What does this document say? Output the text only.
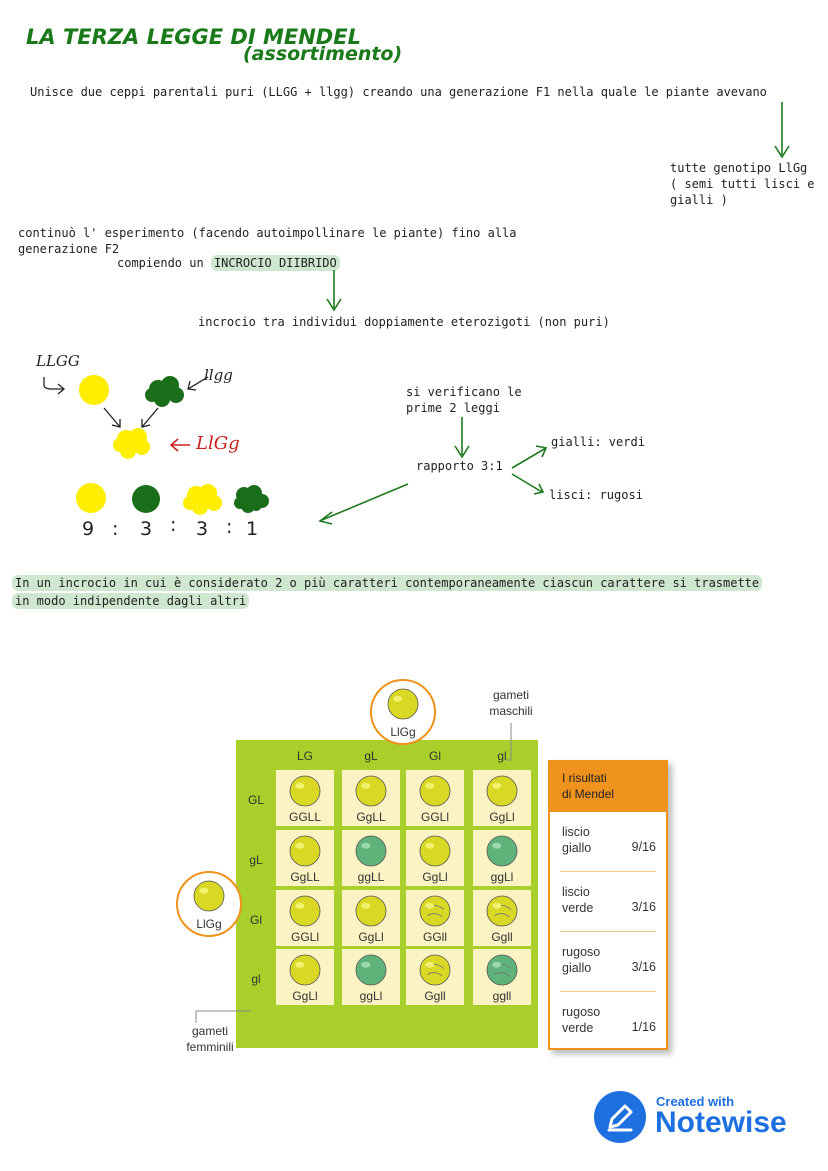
LA TERZA LEGGE DI MENDEL
(assortimento)
Unisce due ceppi parentali puri (LLGG + llgg) creando una generazione F1 nella quale le piante avevano
tutte genotipo LlGg
( semi tutti lisci e
gialli )
continuò l' esperimento (facendo autoimpollinare le piante) fino alla
generazione F2
compiendo un INCROCIO DIIBRIDO
incrocio tra individui doppiamente eterozigoti (non puri)
LLGG
llgg
LlGg
9 : 3 : 3 : 1
si verificano le
prime 2 leggi
rapporto 3:1
gialli: verdi
lisci: rugosi
In un incrocio in cui è considerato 2 o più caratteri contemporaneamente ciascun carattere si trasmette
in modo indipendente dagli altri
LG	gL	Gl	gl
GL
gL
Gl
gl
GGLL	GgLL	GGLl	GgLl
GgLL	ggLL	GgLl	ggLl
GGLl	GgLl	GGll	Ggll
GgLl	ggLl	Ggll	ggll
LlGg
LlGg
gameti
maschili
gameti
femminili
I risultati
di Mendel
liscio
giallo	9/16
liscio
verde	3/16
rugoso
giallo	3/16
rugoso
verde	1/16
Created with
Notewise
